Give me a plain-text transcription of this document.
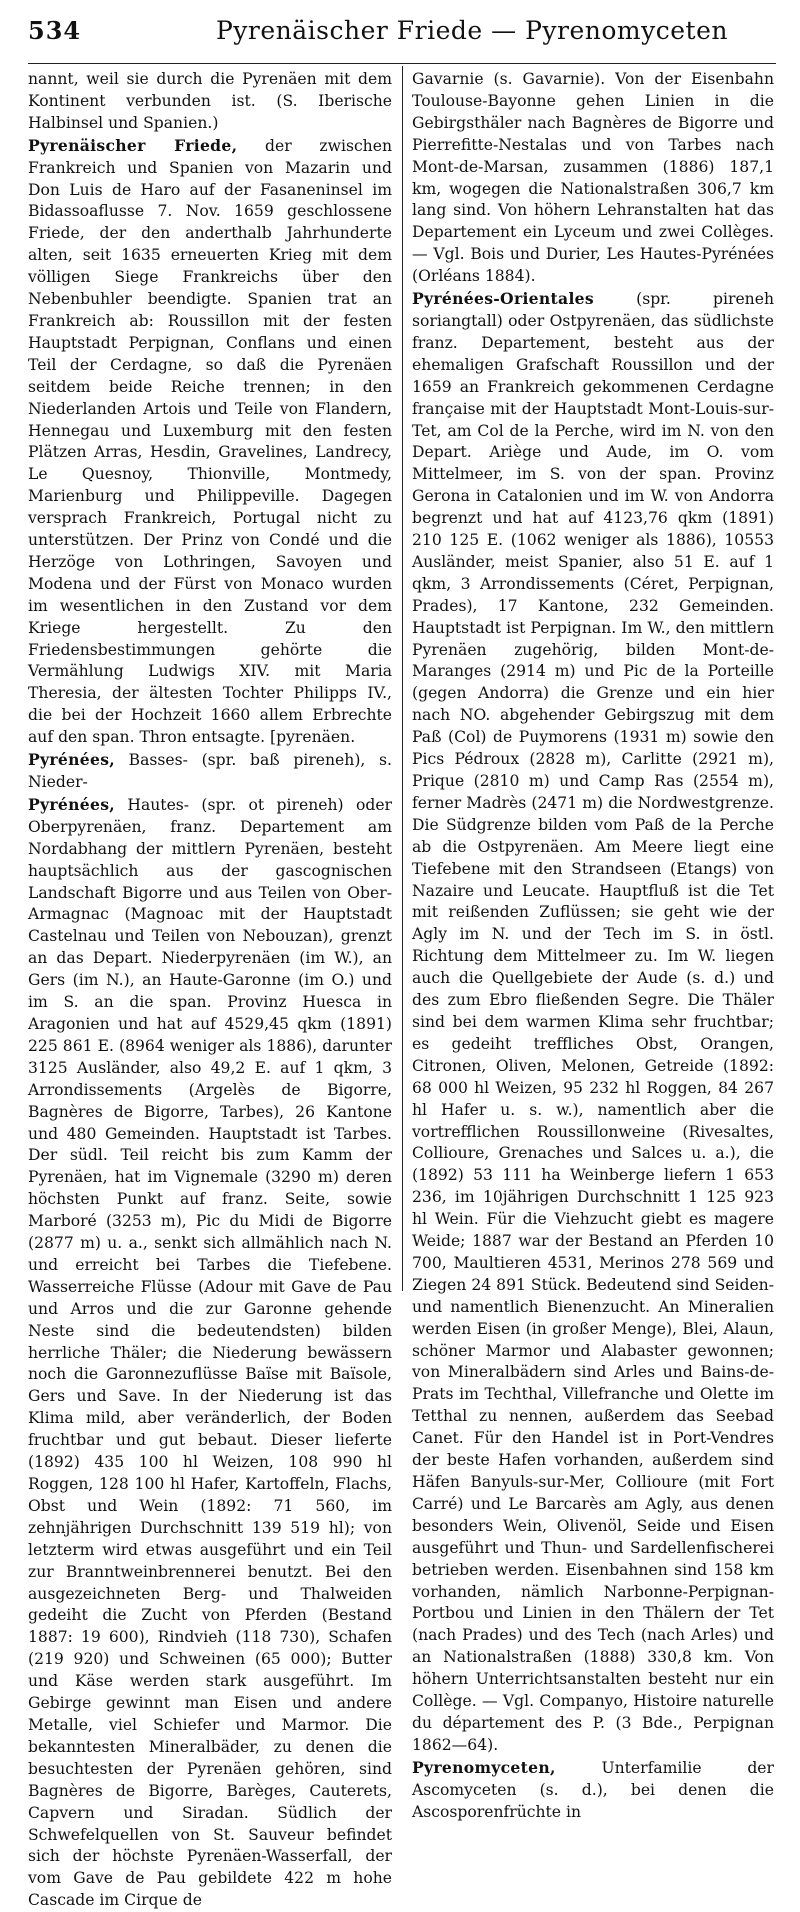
534	Pyrenäischer Friede — Pyrenomyceten

nannt, weil sie durch die Pyrenäen mit dem Kontinent verbunden ist. (S. Iberische Halbinsel und Spanien.)

Pyrenäischer Friede, der zwischen Frankreich und Spanien von Mazarin und Don Luis de Haro auf der Fasaneninsel im Bidassoaflusse 7. Nov. 1659 geschlossene Friede, der den anderthalb Jahrhunderte alten, seit 1635 erneuerten Krieg mit dem völligen Siege Frankreichs über den Nebenbuhler beendigte. Spanien trat an Frankreich ab: Roussillon mit der festen Hauptstadt Perpignan, Conflans und einen Teil der Cerdagne, so daß die Pyrenäen seitdem beide Reiche trennen; in den Niederlanden Artois und Teile von Flandern, Hennegau und Luxemburg mit den festen Plätzen Arras, Hesdin, Gravelines, Landrecy, Le Quesnoy, Thionville, Montmedy, Marienburg und Philippeville. Dagegen versprach Frankreich, Portugal nicht zu unterstützen. Der Prinz von Condé und die Herzöge von Lothringen, Savoyen und Modena und der Fürst von Monaco wurden im wesentlichen in den Zustand vor dem Kriege hergestellt. Zu den Friedensbestimmungen gehörte die Vermählung Ludwigs XIV. mit Maria Theresia, der ältesten Tochter Philipps IV., die bei der Hochzeit 1660 allem Erbrechte auf den span. Thron entsagte. [pyrenäen.

Pyrénées, Basses- (spr. baß pireneh), s. Nieder-

Pyrénées, Hautes- (spr. ot pireneh) oder Oberpyrenäen, franz. Departement am Nordabhang der mittlern Pyrenäen, besteht hauptsächlich aus der gascognischen Landschaft Bigorre und aus Teilen von Ober-Armagnac (Magnoac mit der Hauptstadt Castelnau und Teilen von Nebouzan), grenzt an das Depart. Niederpyrenäen (im W.), an Gers (im N.), an Haute-Garonne (im O.) und im S. an die span. Provinz Huesca in Aragonien und hat auf 4529,45 qkm (1891) 225 861 E. (8964 weniger als 1886), darunter 3125 Ausländer, also 49,2 E. auf 1 qkm, 3 Arrondissements (Argelès de Bigorre, Bagnères de Bigorre, Tarbes), 26 Kantone und 480 Gemeinden. Hauptstadt ist Tarbes. Der südl. Teil reicht bis zum Kamm der Pyrenäen, hat im Vignemale (3290 m) deren höchsten Punkt auf franz. Seite, sowie Marboré (3253 m), Pic du Midi de Bigorre (2877 m) u. a., senkt sich allmählich nach N. und erreicht bei Tarbes die Tiefebene. Wasserreiche Flüsse (Adour mit Gave de Pau und Arros und die zur Garonne gehende Neste sind die bedeutendsten) bilden herrliche Thäler; die Niederung bewässern noch die Garonnezuflüsse Baïse mit Baïsole, Gers und Save. In der Niederung ist das Klima mild, aber veränderlich, der Boden fruchtbar und gut bebaut. Dieser lieferte (1892) 435 100 hl Weizen, 108 990 hl Roggen, 128 100 hl Hafer, Kartoffeln, Flachs, Obst und Wein (1892: 71 560, im zehnjährigen Durchschnitt 139 519 hl); von letzterm wird etwas ausgeführt und ein Teil zur Branntweinbrennerei benutzt. Bei den ausgezeichneten Berg- und Thalweiden gedeiht die Zucht von Pferden (Bestand 1887: 19 600), Rindvieh (118 730), Schafen (219 920) und Schweinen (65 000); Butter und Käse werden stark ausgeführt. Im Gebirge gewinnt man Eisen und andere Metalle, viel Schiefer und Marmor. Die bekanntesten Mineralbäder, zu denen die besuchtesten der Pyrenäen gehören, sind Bagnères de Bigorre, Barèges, Cauterets, Capvern und Siradan. Südlich der Schwefelquellen von St. Sauveur befindet sich der höchste Pyrenäen-Wasserfall, der vom Gave de Pau gebildete 422 m hohe Cascade im Cirque de

Gavarnie (s. Gavarnie). Von der Eisenbahn Toulouse-Bayonne gehen Linien in die Gebirgsthäler nach Bagnères de Bigorre und Pierrefitte-Nestalas und von Tarbes nach Mont-de-Marsan, zusammen (1886) 187,1 km, wogegen die Nationalstraßen 306,7 km lang sind. Von höhern Lehranstalten hat das Departement ein Lyceum und zwei Collèges. — Vgl. Bois und Durier, Les Hautes-Pyrénées (Orléans 1884).

Pyrénées-Orientales (spr. pireneh soriangtall) oder Ostpyrenäen, das südlichste franz. Departement, besteht aus der ehemaligen Grafschaft Roussillon und der 1659 an Frankreich gekommenen Cerdagne française mit der Hauptstadt Mont-Louis-sur-Tet, am Col de la Perche, wird im N. von den Depart. Ariège und Aude, im O. vom Mittelmeer, im S. von der span. Provinz Gerona in Catalonien und im W. von Andorra begrenzt und hat auf 4123,76 qkm (1891) 210 125 E. (1062 weniger als 1886), 10553 Ausländer, meist Spanier, also 51 E. auf 1 qkm, 3 Arrondissements (Céret, Perpignan, Prades), 17 Kantone, 232 Gemeinden. Hauptstadt ist Perpignan. Im W., den mittlern Pyrenäen zugehörig, bilden Mont-de-Maranges (2914 m) und Pic de la Porteille (gegen Andorra) die Grenze und ein hier nach NO. abgehender Gebirgszug mit dem Paß (Col) de Puymorens (1931 m) sowie den Pics Pédroux (2828 m), Carlitte (2921 m), Prique (2810 m) und Camp Ras (2554 m), ferner Madrès (2471 m) die Nordwestgrenze. Die Südgrenze bilden vom Paß de la Perche ab die Ostpyrenäen. Am Meere liegt eine Tiefebene mit den Strandseen (Etangs) von Nazaire und Leucate. Hauptfluß ist die Tet mit reißenden Zuflüssen; sie geht wie der Agly im N. und der Tech im S. in östl. Richtung dem Mittelmeer zu. Im W. liegen auch die Quellgebiete der Aude (s. d.) und des zum Ebro fließenden Segre. Die Thäler sind bei dem warmen Klima sehr fruchtbar; es gedeiht treffliches Obst, Orangen, Citronen, Oliven, Melonen, Getreide (1892: 68 000 hl Weizen, 95 232 hl Roggen, 84 267 hl Hafer u. s. w.), namentlich aber die vortrefflichen Roussillonweine (Rivesaltes, Collioure, Grenaches und Salces u. a.), die (1892) 53 111 ha Weinberge liefern 1 653 236, im 10jährigen Durchschnitt 1 125 923 hl Wein. Für die Viehzucht giebt es magere Weide; 1887 war der Bestand an Pferden 10 700, Maultieren 4531, Merinos 278 569 und Ziegen 24 891 Stück. Bedeutend sind Seiden- und namentlich Bienenzucht. An Mineralien werden Eisen (in großer Menge), Blei, Alaun, schöner Marmor und Alabaster gewonnen; von Mineralbädern sind Arles und Bains-de-Prats im Techthal, Villefranche und Olette im Tetthal zu nennen, außerdem das Seebad Canet. Für den Handel ist in Port-Vendres der beste Hafen vorhanden, außerdem sind Häfen Banyuls-sur-Mer, Collioure (mit Fort Carré) und Le Barcarès am Agly, aus denen besonders Wein, Olivenöl, Seide und Eisen ausgeführt und Thun- und Sardellenfischerei betrieben werden. Eisenbahnen sind 158 km vorhanden, nämlich Narbonne-Perpignan-Portbou und Linien in den Thälern der Tet (nach Prades) und des Tech (nach Arles) und an Nationalstraßen (1888) 330,8 km. Von höhern Unterrichtsanstalten besteht nur ein Collège. — Vgl. Companyo, Histoire naturelle du département des P. (3 Bde., Perpignan 1862—64).

Pyrenomyceten, Unterfamilie der Ascomyceten (s. d.), bei denen die Ascosporenfrüchte in
